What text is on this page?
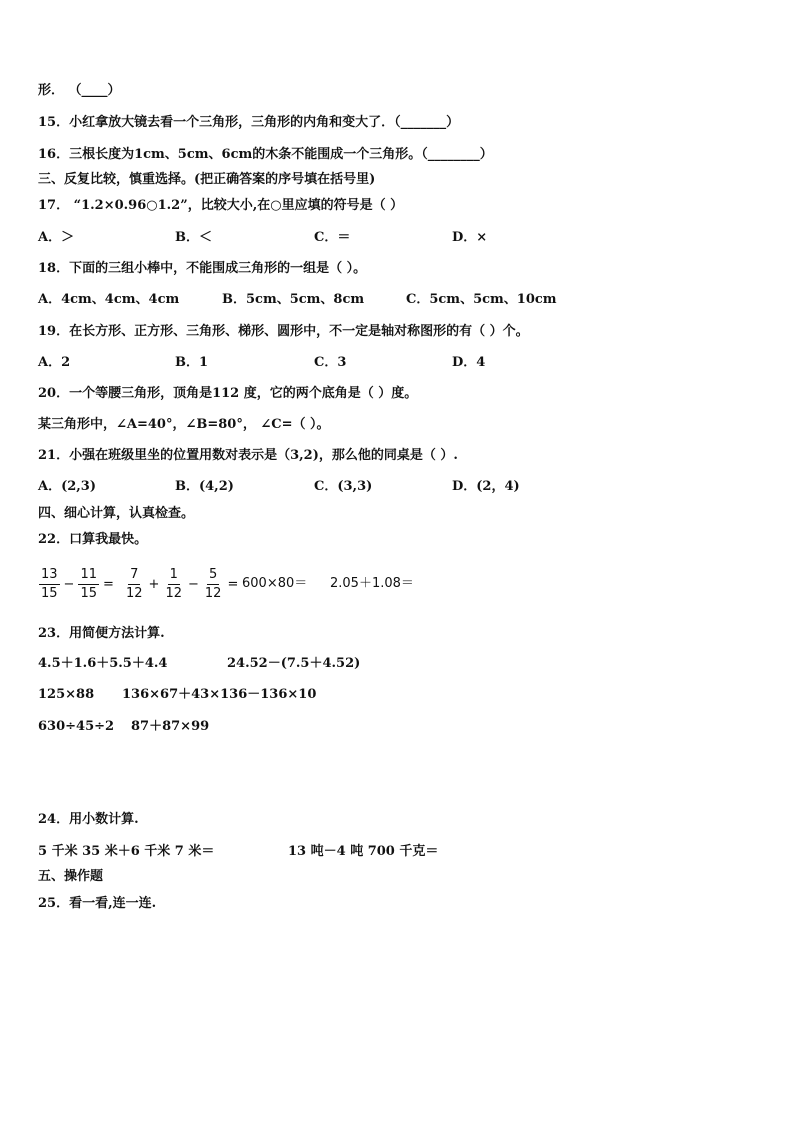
形． （____）
15．小红拿放大镜去看一个三角形，三角形的内角和变大了．（_______）
16．三根长度为1cm、5cm、6cm的木条不能围成一个三角形。（________）
三、反复比较，慎重选择。(把正确答案的序号填在括号里)
17． “1.2×0.96○1.2”，比较大小,在○里应填的符号是（ ）
A．＞	B．＜	C．＝	D．×
18．下面的三组小棒中，不能围成三角形的一组是（ ）。
A．4cm、4cm、4cm	B．5cm、5cm、8cm	C．5cm、5cm、10cm
19．在长方形、正方形、三角形、梯形、圆形中，不一定是轴对称图形的有（ ）个。
A．2	B．1	C．3	D．4
20．一个等腰三角形，顶角是112 度，它的两个底角是（ ）度。
某三角形中，∠A=40°，∠B=80°， ∠C=（ ）。
21．小强在班级里坐的位置用数对表示是（3,2)，那么他的同桌是（ ）.
A．(2,3)	B．(4,2)	C．(3,3)	D．(2，4)
四、细心计算，认真检查。
22．口算我最快。
$\frac{13}{15} - \frac{11}{15} = \frac{7}{12} + \frac{1}{12} - \frac{5}{12} = 600\times 80= 2.05+1.08=$
23．用简便方法计算.
4.5＋1.6＋5.5＋4.4	24.52－(7.5＋4.52)
125×88 136×67＋43×136－136×10
630÷45÷2 87＋87×99
24．用小数计算.
5 千米 35 米＋6 千米 7 米＝	13 吨－4 吨 700 千克＝
五、操作题
25．看一看,连一连.
